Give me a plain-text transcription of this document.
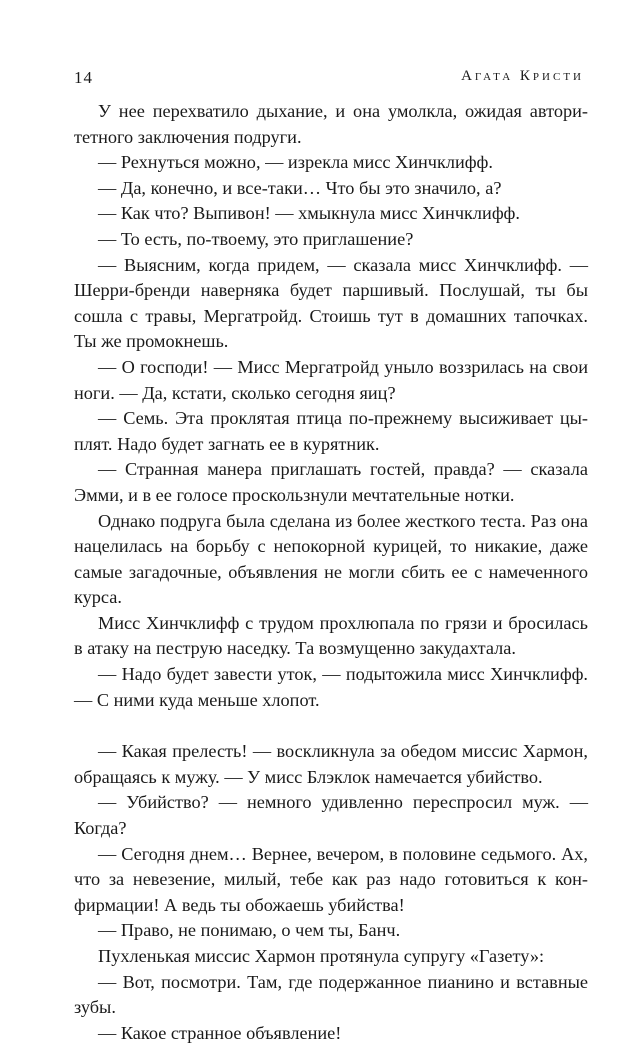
14	Агата Кристи

У нее перехватило дыхание, и она умолкла, ожидая авторитетного заключения подруги.

— Рехнуться можно, — изрекла мисс Хинчклифф.

— Да, конечно, и все-таки… Что бы это значило, а?

— Как что? Выпивон! — хмыкнула мисс Хинчклифф.

— То есть, по-твоему, это приглашение?

— Выясним, когда придем, — сказала мисс Хинчклифф. — Шерри-бренди наверняка будет паршивый. Послушай, ты бы сошла с травы, Мергатройд. Стоишь тут в домашних тапочках. Ты же промокнешь.

— О господи! — Мисс Мергатройд уныло воззрилась на свои ноги. — Да, кстати, сколько сегодня яиц?

— Семь. Эта проклятая птица по-прежнему высиживает цыплят. Надо будет загнать ее в курятник.

— Странная манера приглашать гостей, правда? — сказала Эмми, и в ее голосе проскользнули мечтательные нотки.

Однако подруга была сделана из более жесткого теста. Раз она нацелилась на борьбу с непокорной курицей, то никакие, даже самые загадочные, объявления не могли сбить ее с намеченного курса.

Мисс Хинчклифф с трудом прохлюпала по грязи и бросилась в атаку на пеструю наседку. Та возмущенно закудахтала.

— Надо будет завести уток, — подытожила мисс Хинчклифф. — С ними куда меньше хлопот.

— Какая прелесть! — воскликнула за обедом миссис Хармон, обращаясь к мужу. — У мисс Блэклок намечается убийство.

— Убийство? — немного удивленно переспросил муж. — Когда?

— Сегодня днем… Вернее, вечером, в половине седьмого. Ах, что за невезение, милый, тебе как раз надо готовиться к конфирмации! А ведь ты обожаешь убийства!

— Право, не понимаю, о чем ты, Банч.

Пухленькая миссис Хармон протянула супругу «Газету»:

— Вот, посмотри. Там, где подержанное пианино и вставные зубы.

— Какое странное объявление!
